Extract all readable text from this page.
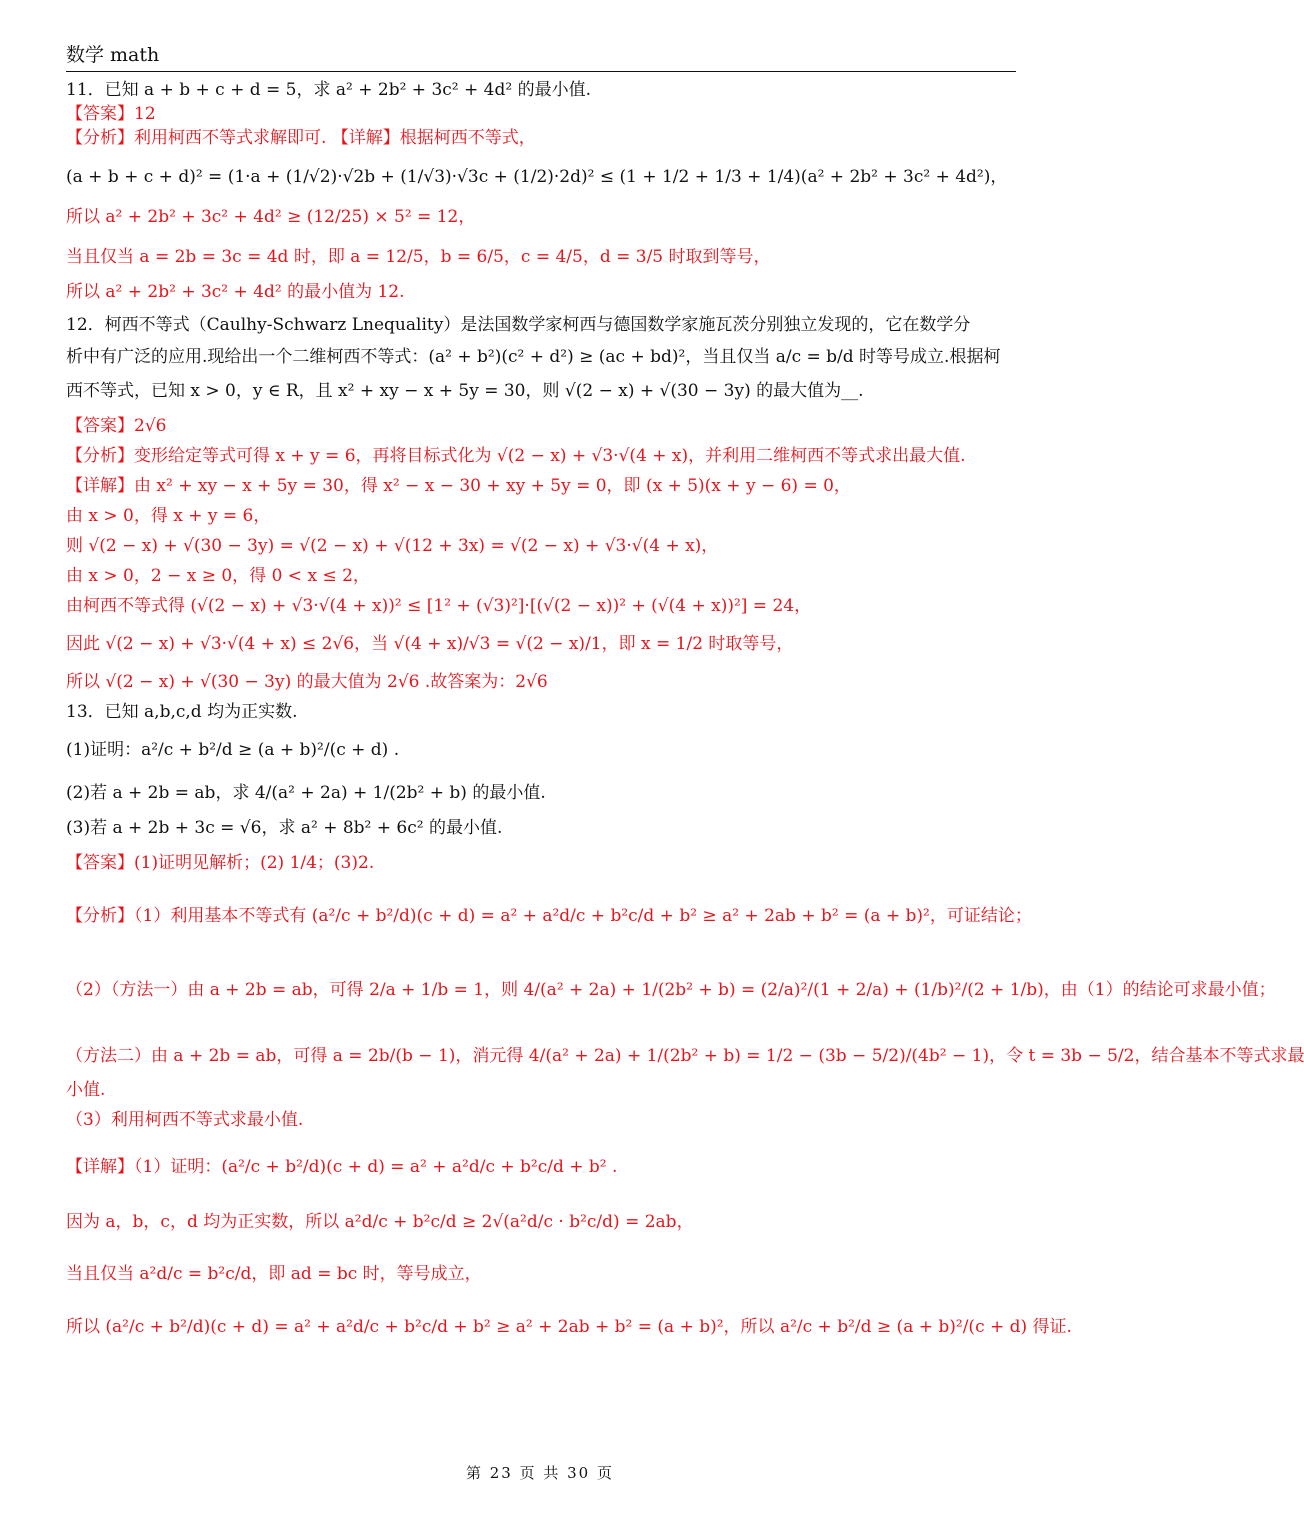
数学 math

11．已知 a + b + c + d = 5，求 a² + 2b² + 3c² + 4d² 的最小值.

【答案】12

【分析】利用柯西不等式求解即可. 【详解】根据柯西不等式，

(a + b + c + d)² = (1·a + (1/√2)·√2b + (1/√3)·√3c + (1/2)·2d)² ≤ (1 + 1/2 + 1/3 + 1/4)(a² + 2b² + 3c² + 4d²)，

所以 a² + 2b² + 3c² + 4d² ≥ (12/25) × 5² = 12，

当且仅当 a = 2b = 3c = 4d 时，即 a = 12/5，b = 6/5，c = 4/5，d = 3/5 时取到等号，

所以 a² + 2b² + 3c² + 4d² 的最小值为 12.

12．柯西不等式（Caulhy-Schwarz Lnequality）是法国数学家柯西与德国数学家施瓦茨分别独立发现的，它在数学分

析中有广泛的应用.现给出一个二维柯西不等式：(a² + b²)(c² + d²) ≥ (ac + bd)²，当且仅当 a/c = b/d 时等号成立.根据柯

西不等式，已知 x > 0，y ∈ R，且 x² + xy − x + 5y = 30，则 √(2 − x) + √(30 − 3y) 的最大值为__.

【答案】2√6

【分析】变形给定等式可得 x + y = 6，再将目标式化为 √(2 − x) + √3·√(4 + x)，并利用二维柯西不等式求出最大值.

【详解】由 x² + xy − x + 5y = 30，得 x² − x − 30 + xy + 5y = 0，即 (x + 5)(x + y − 6) = 0，

由 x > 0，得 x + y = 6，

则 √(2 − x) + √(30 − 3y) = √(2 − x) + √(12 + 3x) = √(2 − x) + √3·√(4 + x)，

由 x > 0，2 − x ≥ 0，得 0 < x ≤ 2，

由柯西不等式得 (√(2 − x) + √3·√(4 + x))² ≤ [1² + (√3)²]·[(√(2 − x))² + (√(4 + x))²] = 24，

因此 √(2 − x) + √3·√(4 + x) ≤ 2√6，当 √(4 + x)/√3 = √(2 − x)/1，即 x = 1/2 时取等号，

所以 √(2 − x) + √(30 − 3y) 的最大值为 2√6 .故答案为：2√6

13．已知 a,b,c,d 均为正实数.

(1)证明：a²/c + b²/d ≥ (a + b)²/(c + d) .

(2)若 a + 2b = ab，求 4/(a² + 2a) + 1/(2b² + b) 的最小值.

(3)若 a + 2b + 3c = √6，求 a² + 8b² + 6c² 的最小值.

【答案】(1)证明见解析；(2) 1/4；(3)2.

【分析】（1）利用基本不等式有 (a²/c + b²/d)(c + d) = a² + a²d/c + b²c/d + b² ≥ a² + 2ab + b² = (a + b)²，可证结论；

（2）（方法一）由 a + 2b = ab，可得 2/a + 1/b = 1，则 4/(a² + 2a) + 1/(2b² + b) = (2/a)²/(1 + 2/a) + (1/b)²/(2 + 1/b)，由（1）的结论可求最小值；

（方法二）由 a + 2b = ab，可得 a = 2b/(b − 1)，消元得 4/(a² + 2a) + 1/(2b² + b) = 1/2 − (3b − 5/2)/(4b² − 1)，令 t = 3b − 5/2，结合基本不等式求最

小值.

（3）利用柯西不等式求最小值.

【详解】（1）证明：(a²/c + b²/d)(c + d) = a² + a²d/c + b²c/d + b² .

因为 a，b，c，d 均为正实数，所以 a²d/c + b²c/d ≥ 2√(a²d/c · b²c/d) = 2ab，

当且仅当 a²d/c = b²c/d，即 ad = bc 时，等号成立，

所以 (a²/c + b²/d)(c + d) = a² + a²d/c + b²c/d + b² ≥ a² + 2ab + b² = (a + b)²，所以 a²/c + b²/d ≥ (a + b)²/(c + d) 得证.

第 23 页 共 30 页
